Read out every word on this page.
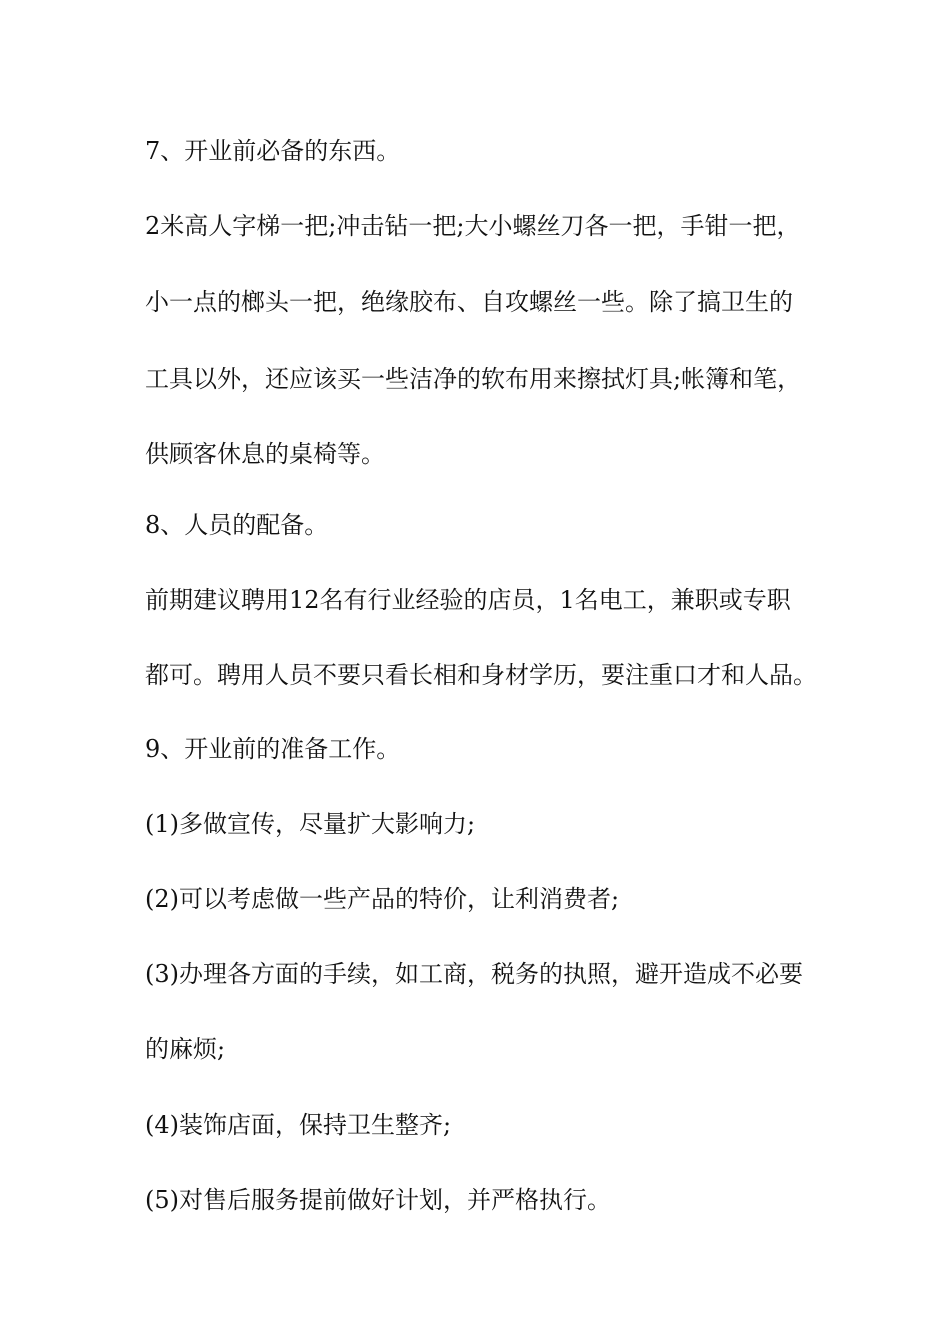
7、开业前必备的东西。
2米高人字梯一把;冲击钻一把;大小螺丝刀各一把，手钳一把，
小一点的榔头一把，绝缘胶布、自攻螺丝一些。除了搞卫生的
工具以外，还应该买一些洁净的软布用来擦拭灯具;帐簿和笔，
供顾客休息的桌椅等。
8、人员的配备。
前期建议聘用12名有行业经验的店员，1名电工，兼职或专职
都可。聘用人员不要只看长相和身材学历，要注重口才和人品。
9、开业前的准备工作。
(1)多做宣传，尽量扩大影响力;
(2)可以考虑做一些产品的特价，让利消费者;
(3)办理各方面的手续，如工商，税务的执照，避开造成不必要
的麻烦;
(4)装饰店面，保持卫生整齐;
(5)对售后服务提前做好计划，并严格执行。
